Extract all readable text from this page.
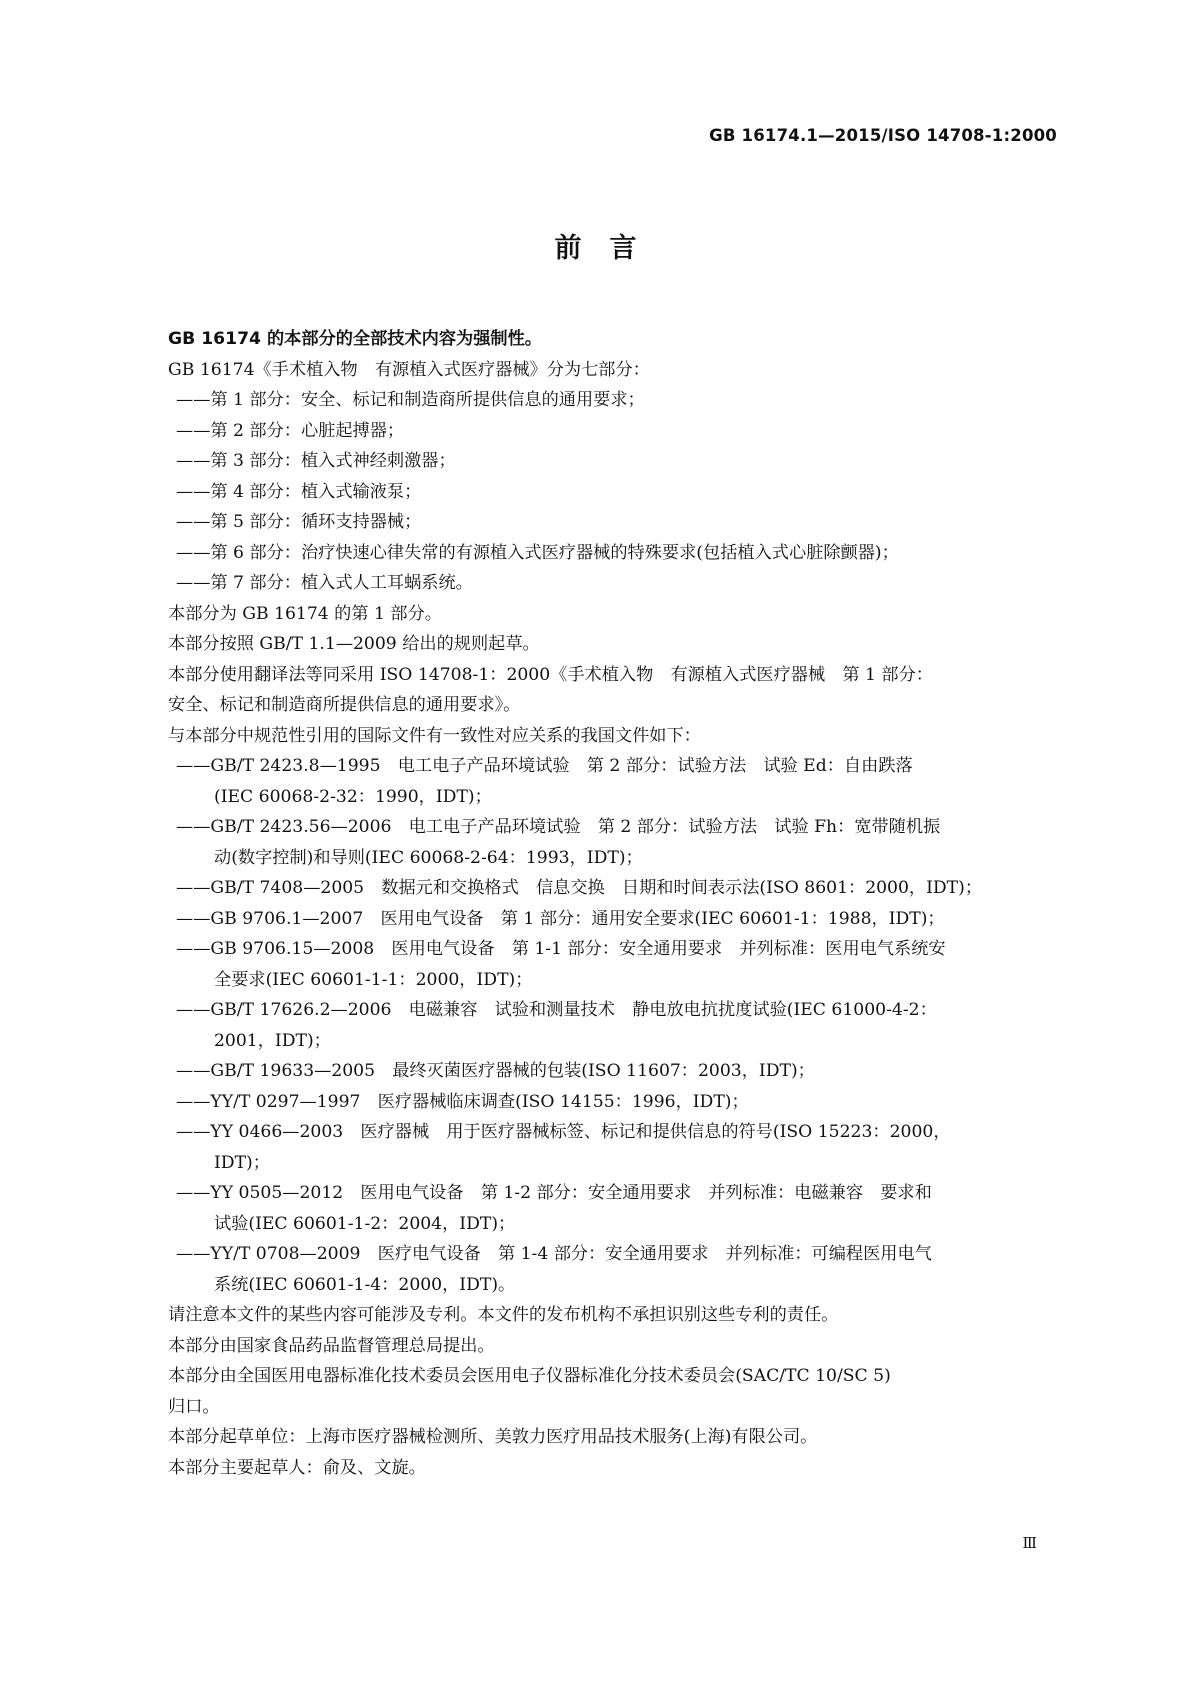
GB 16174.1—2015/ISO 14708-1:2000
前言
GB 16174 的本部分的全部技术内容为强制性。
GB 16174《手术植入物　有源植入式医疗器械》分为七部分：
——第 1 部分：安全、标记和制造商所提供信息的通用要求；
——第 2 部分：心脏起搏器；
——第 3 部分：植入式神经刺激器；
——第 4 部分：植入式输液泵；
——第 5 部分：循环支持器械；
——第 6 部分：治疗快速心律失常的有源植入式医疗器械的特殊要求(包括植入式心脏除颤器)；
——第 7 部分：植入式人工耳蜗系统。
本部分为 GB 16174 的第 1 部分。
本部分按照 GB/T 1.1—2009 给出的规则起草。
本部分使用翻译法等同采用 ISO 14708-1：2000《手术植入物　有源植入式医疗器械　第 1 部分：
安全、标记和制造商所提供信息的通用要求》。
与本部分中规范性引用的国际文件有一致性对应关系的我国文件如下：
——GB/T 2423.8—1995　电工电子产品环境试验　第 2 部分：试验方法　试验 Ed：自由跌落
(IEC 60068-2-32：1990，IDT)；
——GB/T 2423.56—2006　电工电子产品环境试验　第 2 部分：试验方法　试验 Fh：宽带随机振
动(数字控制)和导则(IEC 60068-2-64：1993，IDT)；
——GB/T 7408—2005　数据元和交换格式　信息交换　日期和时间表示法(ISO 8601：2000，IDT)；
——GB 9706.1—2007　医用电气设备　第 1 部分：通用安全要求(IEC 60601-1：1988，IDT)；
——GB 9706.15—2008　医用电气设备　第 1-1 部分：安全通用要求　并列标准：医用电气系统安
全要求(IEC 60601-1-1：2000，IDT)；
——GB/T 17626.2—2006　电磁兼容　试验和测量技术　静电放电抗扰度试验(IEC 61000-4-2：
2001，IDT)；
——GB/T 19633—2005　最终灭菌医疗器械的包装(ISO 11607：2003，IDT)；
——YY/T 0297—1997　医疗器械临床调查(ISO 14155：1996，IDT)；
——YY 0466—2003　医疗器械　用于医疗器械标签、标记和提供信息的符号(ISO 15223：2000，
IDT)；
——YY 0505—2012　医用电气设备　第 1-2 部分：安全通用要求　并列标准：电磁兼容　要求和
试验(IEC 60601-1-2：2004，IDT)；
——YY/T 0708—2009　医疗电气设备　第 1-4 部分：安全通用要求　并列标准：可编程医用电气
系统(IEC 60601-1-4：2000，IDT)。
请注意本文件的某些内容可能涉及专利。本文件的发布机构不承担识别这些专利的责任。
本部分由国家食品药品监督管理总局提出。
本部分由全国医用电器标准化技术委员会医用电子仪器标准化分技术委员会(SAC/TC 10/SC 5)
归口。
本部分起草单位：上海市医疗器械检测所、美敦力医疗用品技术服务(上海)有限公司。
本部分主要起草人：俞及、文旋。
Ⅲ
